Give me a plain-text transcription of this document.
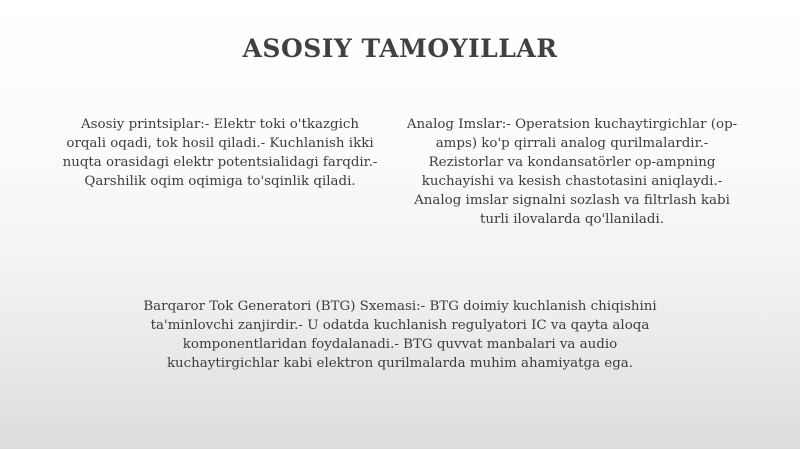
ASOSIY TAMOYILLAR

Asosiy printsiplar:- Elektr toki o'tkazgich orqali oqadi, tok hosil qiladi.- Kuchlanish ikki nuqta orasidagi elektr potentsialidagi farqdir.- Qarshilik oqim oqimiga to'sqinlik qiladi.

Analog Imslar:- Operatsion kuchaytirgichlar (op-amps) ko'p qirrali analog qurilmalardir.- Rezistorlar va kondansatörler op-ampning kuchayishi va kesish chastotasini aniqlaydi.- Analog imslar signalni sozlash va filtrlash kabi turli ilovalarda qo'llaniladi.

Barqaror Tok Generatori (BTG) Sxemasi:- BTG doimiy kuchlanish chiqishini ta'minlovchi zanjirdir.- U odatda kuchlanish regulyatori IC va qayta aloqa komponentlaridan foydalanadi.- BTG quvvat manbalari va audio kuchaytirgichlar kabi elektron qurilmalarda muhim ahamiyatga ega.
